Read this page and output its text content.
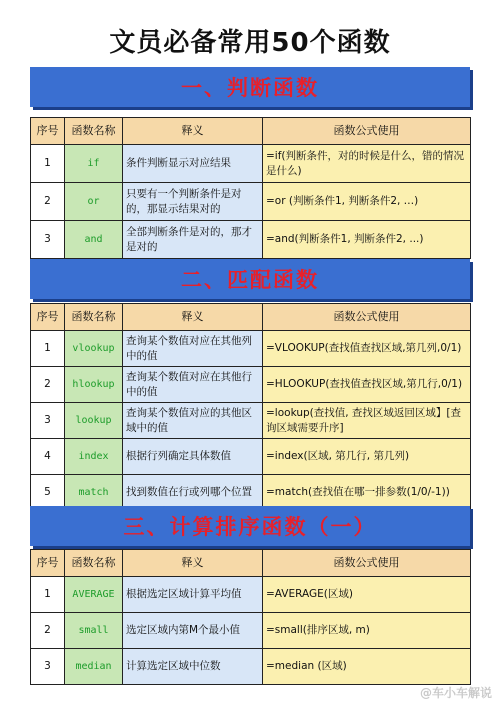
文员必备常用50个函数
一、判断函数
序号	函数名称	释义	函数公式使用
1	if	条件判断显示对应结果	=if(判断条件，对的时候是什么，错的情况是什么)
2	or	只要有一个判断条件是对的，那显示结果对的	=or (判断条件1, 判断条件2, …)
3	and	全部判断条件是对的，那才是对的	=and(判断条件1, 判断条件2, ...)
二、匹配函数
序号	函数名称	释义	函数公式使用
1	vlookup	查询某个数值对应在其他列中的值	=VLOOKUP(查找值查找区域,第几列,0/1)
2	hlookup	查询某个数值对应在其他行中的值	=HLOOKUP(查找值查找区域,第几行,0/1)
3	lookup	查询某个数值对应的其他区域中的值	=lookup(查找值, 查找区域返回区域】[查询区域需要升序]
4	index	根据行列确定具体数值	=index(区域, 第几行, 第几列)
5	match	找到数值在行或列哪个位置	=match(查找值在哪一排参数(1/0/-1))
三、计算排序函数（一）
序号	函数名称	释义	函数公式使用
1	AVERAGE	根据选定区域计算平均值	=AVERAGE(区域)
2	small	选定区域内第M个最小值	=small(排序区域, m)
3	median	计算选定区域中位数	=median (区域)
@车小车解说
